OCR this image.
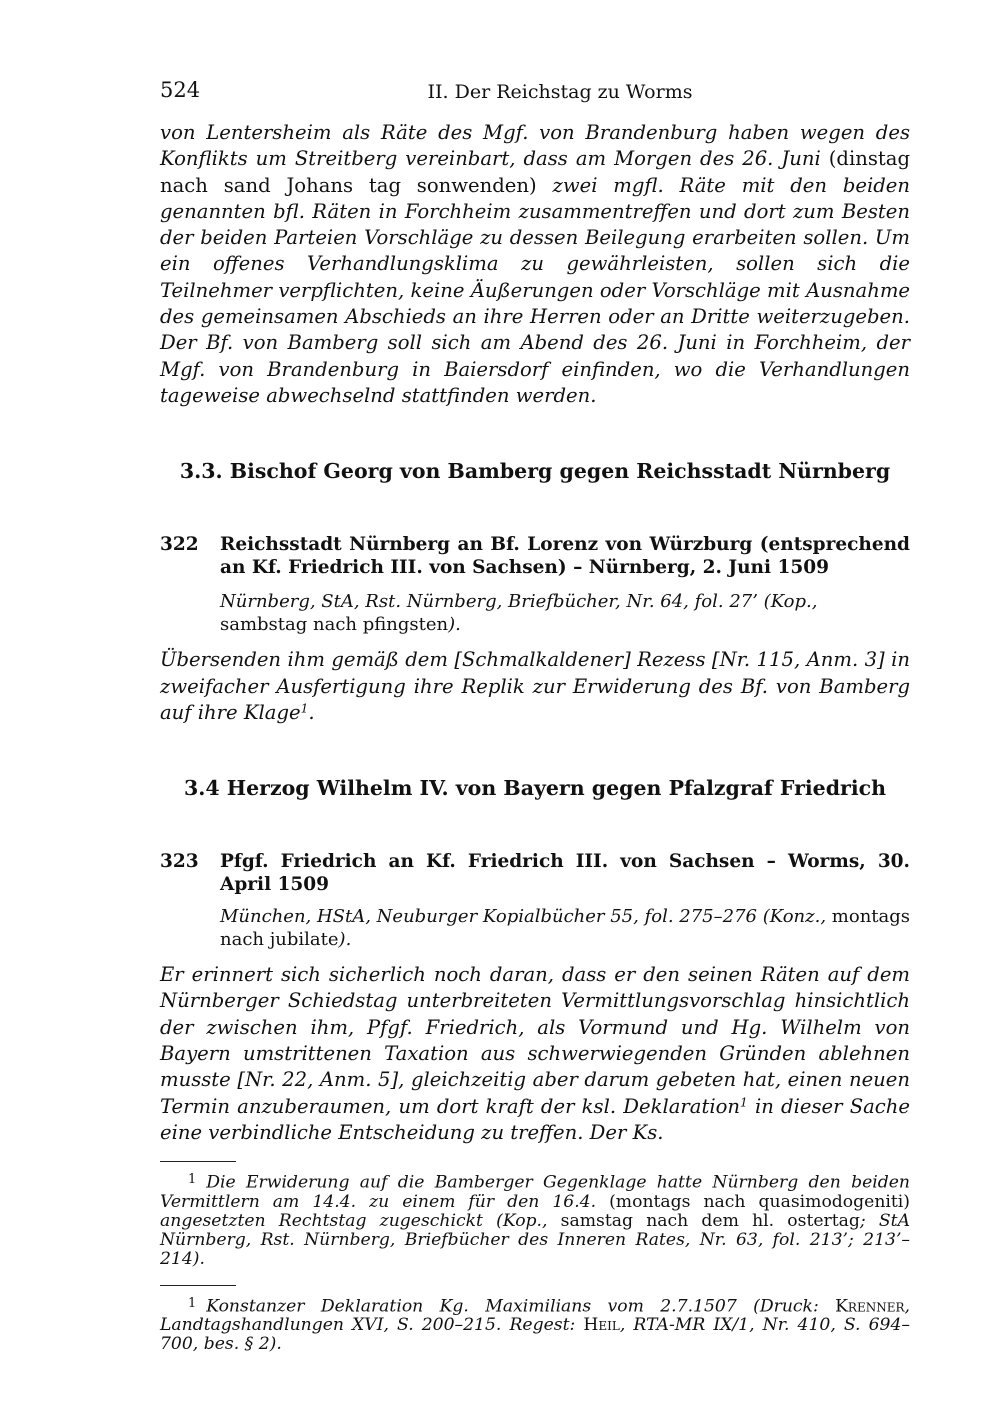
524	II. Der Reichstag zu Worms

von Lentersheim als Räte des Mgf. von Brandenburg haben wegen des Konflikts um Streitberg vereinbart, dass am Morgen des 26. Juni (dinstag nach sand Johans tag sonwenden) zwei mgfl. Räte mit den beiden genannten bfl. Räten in Forchheim zusammentreffen und dort zum Besten der beiden Parteien Vorschläge zu dessen Beilegung erarbeiten sollen. Um ein offenes Verhandlungsklima zu gewährleisten, sollen sich die Teilnehmer verpflichten, keine Äußerungen oder Vorschläge mit Ausnahme des gemeinsamen Abschieds an ihre Herren oder an Dritte weiterzugeben. Der Bf. von Bamberg soll sich am Abend des 26. Juni in Forchheim, der Mgf. von Brandenburg in Baiersdorf einfinden, wo die Verhandlungen tageweise abwechselnd stattfinden werden.

3.3. Bischof Georg von Bamberg gegen Reichsstadt Nürnberg
322	Reichsstadt Nürnberg an Bf. Lorenz von Würzburg (entsprechend an Kf. Friedrich III. von Sachsen) – Nürnberg, 2. Juni 1509

Nürnberg, StA, Rst. Nürnberg, Briefbücher, Nr. 64, fol. 27’ (Kop., sambstag nach pfingsten).

Übersenden ihm gemäß dem [Schmalkaldener] Rezess [Nr. 115, Anm. 3] in zweifacher Ausfertigung ihre Replik zur Erwiderung des Bf. von Bamberg auf ihre Klage$^1$.

3.4 Herzog Wilhelm IV. von Bayern gegen Pfalzgraf Friedrich
323	Pfgf. Friedrich an Kf. Friedrich III. von Sachsen – Worms, 30. April 1509

München, HStA, Neuburger Kopialbücher 55, fol. 275–276 (Konz., montags nach jubilate).

Er erinnert sich sicherlich noch daran, dass er den seinen Räten auf dem Nürnberger Schiedstag unterbreiteten Vermittlungsvorschlag hinsichtlich der zwischen ihm, Pfgf. Friedrich, als Vormund und Hg. Wilhelm von Bayern umstrittenen Taxation aus schwerwiegenden Gründen ablehnen musste [Nr. 22, Anm. 5], gleichzeitig aber darum gebeten hat, einen neuen Termin anzuberaumen, um dort kraft der ksl. Deklaration$^1$ in dieser Sache eine verbindliche Entscheidung zu treffen. Der Ks.

$^1$ Die Erwiderung auf die Bamberger Gegenklage hatte Nürnberg den beiden Vermittlern am 14.4. zu einem für den 16.4. (montags nach quasimodogeniti) angesetzten Rechtstag zugeschickt (Kop., samstag nach dem hl. ostertag; StA Nürnberg, Rst. Nürnberg, Briefbücher des Inneren Rates, Nr. 63, fol. 213’; 213’–214).

$^1$ Konstanzer Deklaration Kg. Maximilians vom 2.7.1507 (Druck: Krenner, Landtagshandlungen XVI, S. 200–215. Regest: Heil, RTA-MR IX/1, Nr. 410, S. 694–700, bes. § 2).
